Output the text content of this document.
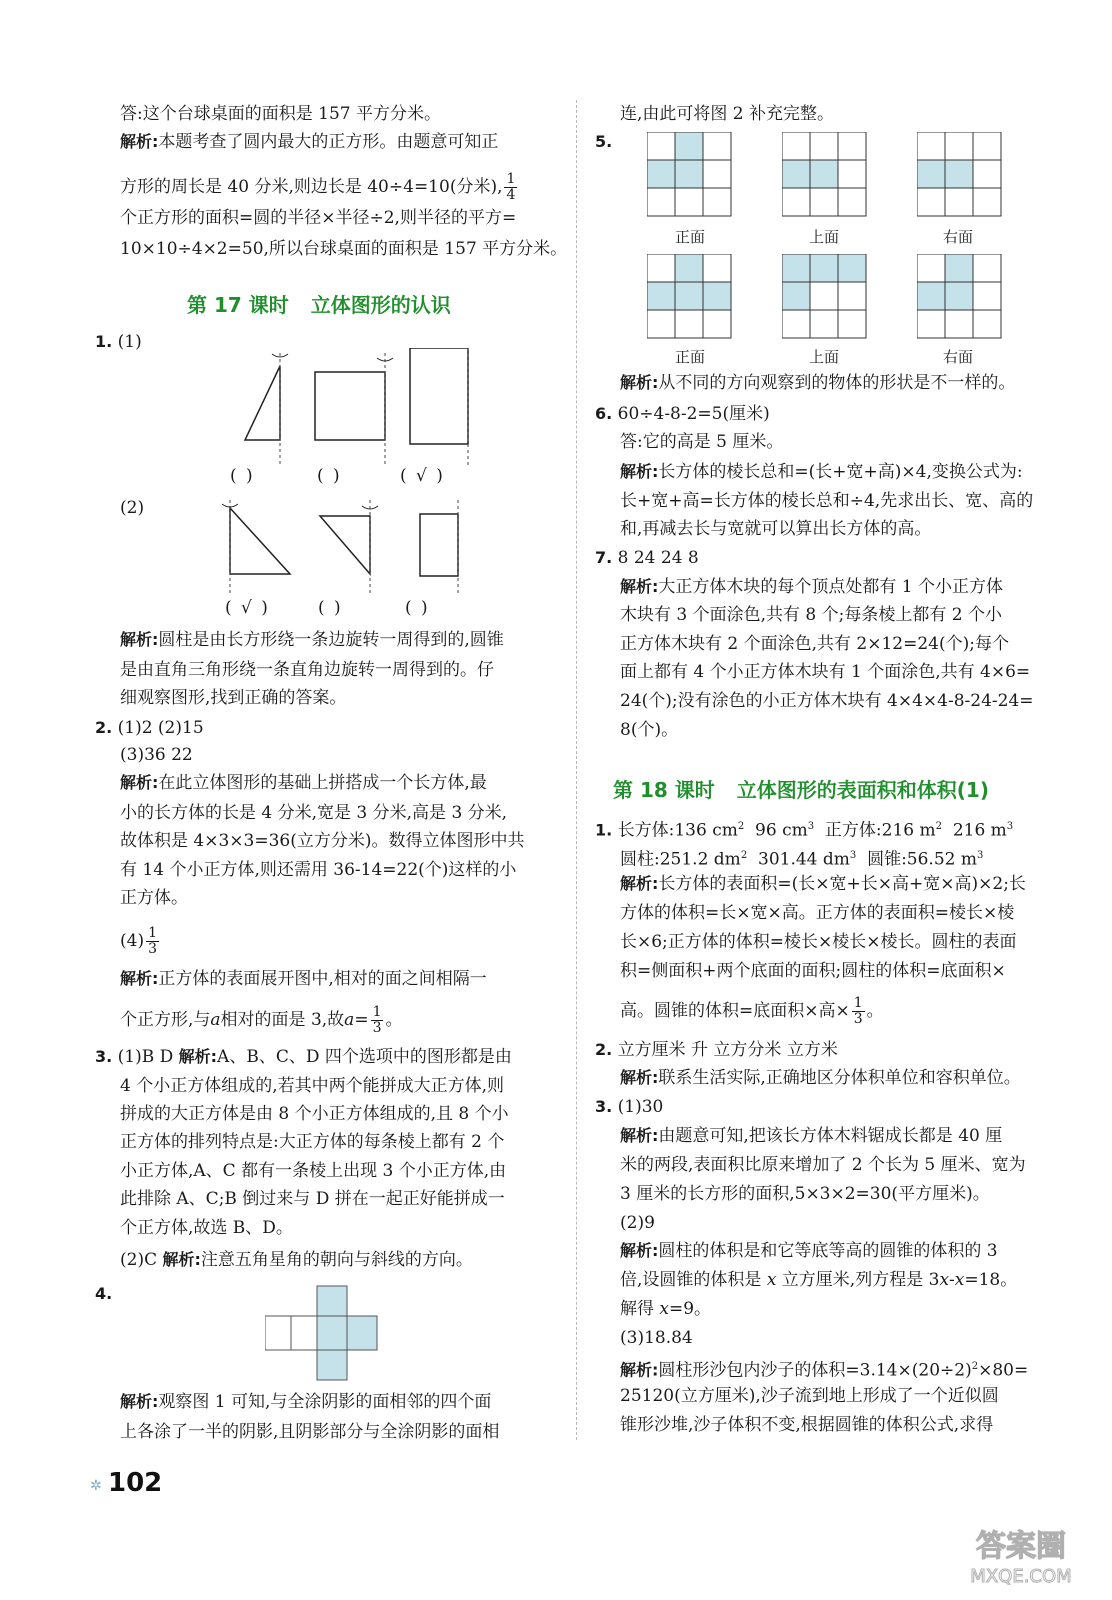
答:这个台球桌面的面积是 157 平方分米。
解析:本题考查了圆内最大的正方形。由题意可知正
方形的周长是 40 分米,则边长是 40÷4=10(分米), $\frac{1}{4}$
个正方形的面积=圆的半径×半径÷2,则半径的平方=
10×10÷4×2=50,所以台球桌面的面积是 157 平方分米。
第 17 课时 立体图形的认识
1. (1)
( )	( )	( √ )
(2)
( √ )	( )	( )
解析:圆柱是由长方形绕一条边旋转一周得到的,圆锥
是由直角三角形绕一条直角边旋转一周得到的。仔
细观察图形,找到正确的答案。
2. (1)2 (2)15
(3)36 22
解析:在此立体图形的基础上拼搭成一个长方体,最
小的长方体的长是 4 分米,宽是 3 分米,高是 3 分米,
故体积是 4×3×3=36(立方分米)。数得立体图形中共
有 14 个小正方体,则还需用 36-14=22(个)这样的小
正方体。
$(4) \frac{1}{3}$
解析:正方体的表面展开图中,相对的面之间相隔一
个正方形,与a相对的面是 3,故$a= \frac{1}{3}$ 。
3. (1)B D 解析:A、B、C、D 四个选项中的图形都是由
4 个小正方体组成的,若其中两个能拼成大正方体,则
拼成的大正方体是由 8 个小正方体组成的,且 8 个小
正方体的排列特点是:大正方体的每条棱上都有 2 个
小正方体,A、C 都有一条棱上出现 3 个小正方体,由
此排除 A、C;B 倒过来与 D 拼在一起正好能拼成一
个正方体,故选 B、D。
(2)C 解析:注意五角星角的朝向与斜线的方向。
4.
解析:观察图 1 可知,与全涂阴影的面相邻的四个面
上各涂了一半的阴影,且阴影部分与全涂阴影的面相
连,由此可将图 2 补充完整。
5.
正面	上面	右面
正面	上面	右面
解析:从不同的方向观察到的物体的形状是不一样的。
6. 60÷4-8-2=5(厘米)
答:它的高是 5 厘米。
解析:长方体的棱长总和=(长+宽+高)×4,变换公式为:
长+宽+高=长方体的棱长总和÷4,先求出长、宽、高的
和,再减去长与宽就可以算出长方体的高。
7. 8 24 24 8
解析:大正方体木块的每个顶点处都有 1 个小正方体
木块有 3 个面涂色,共有 8 个;每条棱上都有 2 个小
正方体木块有 2 个面涂色,共有 2×12=24(个);每个
面上都有 4 个小正方体木块有 1 个面涂色,共有 4×6=
24(个);没有涂色的小正方体木块有 4×4×4-8-24-24=
8(个)。
第 18 课时 立体图形的表面积和体积(1)
1. 长方体:136 $cm^2$ 96 $cm^3$ 正方体:216 $m^2$ 216 $m^3$
圆柱:251.2 $dm^2$ 301.44 $dm^3$ 圆锥:56.52 $m^3$
解析:长方体的表面积=(长×宽+长×高+宽×高)×2;长
方体的体积=长×宽×高。正方体的表面积=棱长×棱
长×6;正方体的体积=棱长×棱长×棱长。圆柱的表面
积=侧面积+两个底面的面积;圆柱的体积=底面积×
高。圆锥的体积=底面积×高× $\frac{1}{3}$ 。
2. 立方厘米 升 立方分米 立方米
解析:联系生活实际,正确地区分体积单位和容积单位。
3. (1)30
解析:由题意可知,把该长方体木料锯成长都是 40 厘
米的两段,表面积比原来增加了 2 个长为 5 厘米、宽为
3 厘米的长方形的面积,5×3×2=30(平方厘米)。
(2)9
解析:圆柱的体积是和它等底等高的圆锥的体积的 3
倍,设圆锥的体积是 x 立方厘米,列方程是 3x-x=18。
解得 x=9。
(3)18.84
解析:圆柱形沙包内沙子的体积$=3.14\times(20\div 2)^2\times 80=$
25120(立方厘米),沙子流到地上形成了一个近似圆
锥形沙堆,沙子体积不变,根据圆锥的体积公式,求得
✲ 102
答案圈
MXQE.COM
